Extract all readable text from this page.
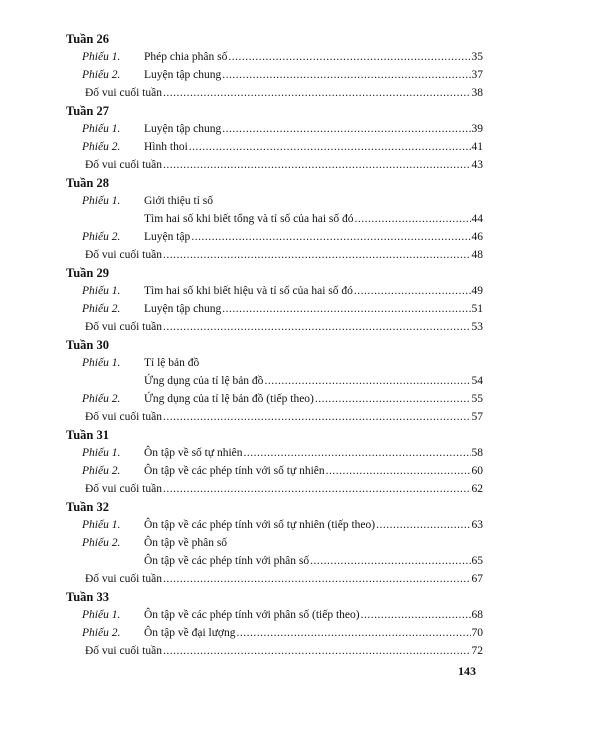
Tuần 26
Phiếu 1.	Phép chia phân số .....	35
Phiếu 2.	Luyện tập chung .....	37
Đố vui cuối tuần .....	38
Tuần 27
Phiếu 1.	Luyện tập chung .....	39
Phiếu 2.	Hình thoi .....	41
Đố vui cuối tuần .....	43
Tuần 28
Phiếu 1.	Giới thiệu tỉ số
Tìm hai số khi biết tổng và tỉ số của hai số đó .....	44
Phiếu 2.	Luyện tập .....	46
Đố vui cuối tuần .....	48
Tuần 29
Phiếu 1.	Tìm hai số khi biết hiệu và tỉ số của hai số đó .....	49
Phiếu 2.	Luyện tập chung .....	51
Đố vui cuối tuần .....	53
Tuần 30
Phiếu 1.	Tỉ lệ bản đồ
Ứng dụng của tỉ lệ bản đồ .....	54
Phiếu 2.	Ứng dụng của tỉ lệ bản đồ (tiếp theo) .....	55
Đố vui cuối tuần .....	57
Tuần 31
Phiếu 1.	Ôn tập về số tự nhiên .....	58
Phiếu 2.	Ôn tập về các phép tính với số tự nhiên .....	60
Đố vui cuối tuần .....	62
Tuần 32
Phiếu 1.	Ôn tập về các phép tính với số tự nhiên (tiếp theo) .....	63
Phiếu 2.	Ôn tập về phân số
Ôn tập về các phép tính với phân số .....	65
Đố vui cuối tuần .....	67
Tuần 33
Phiếu 1.	Ôn tập về các phép tính với phân số (tiếp theo) .....	68
Phiếu 2.	Ôn tập về đại lượng .....	70
Đố vui cuối tuần .....	72
143
